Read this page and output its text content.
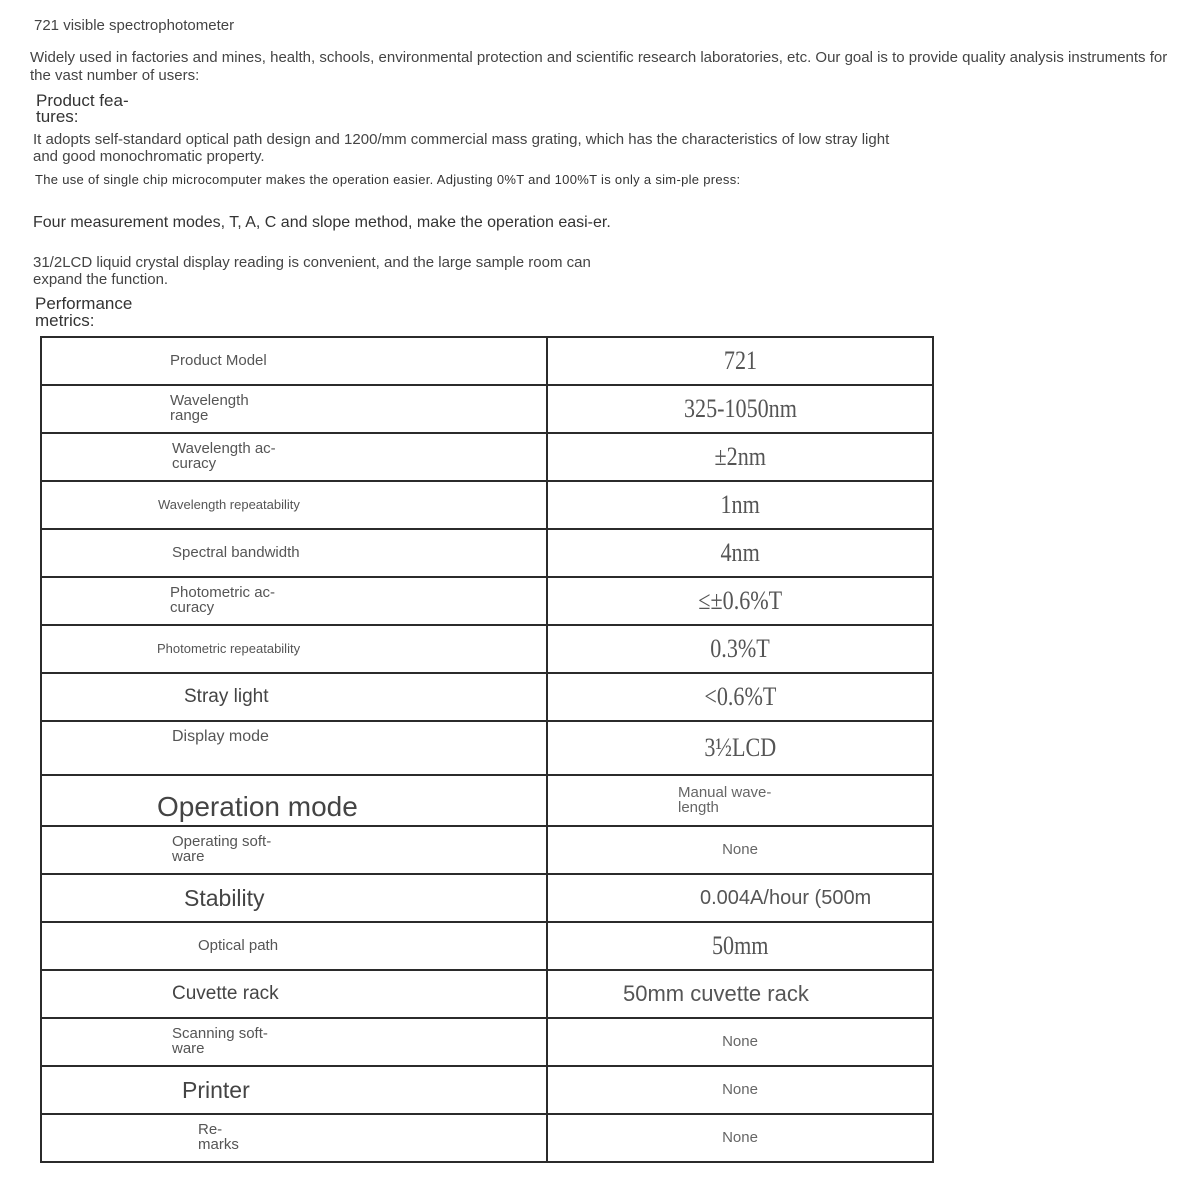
721 visible spectrophotometer

Widely used in factories and mines, health, schools, environmental protection and scientific research laboratories, etc. Our goal is to provide quality analysis instruments for the vast number of users:

Product fea-tures:

It adopts self-standard optical path design and 1200/mm commercial mass grating, which has the characteristics of low stray light and good monochromatic property.

The use of single chip microcomputer makes the operation easier. Adjusting 0%T and 100%T is only a sim-ple press:

Four measurement modes, T, A, C and slope method, make the operation easi-er.

31/2LCD liquid crystal display reading is convenient, and the large sample room can expand the function.

Performance metrics:

Product Model	721
Wavelength range	325-1050nm
Wavelength ac-curacy	±2nm
Wavelength repeatability	1nm
Spectral bandwidth	4nm
Photometric ac-curacy	≤±0.6%T
Photometric repeatability	0.3%T
Stray light	<0.6%T
Display mode	3½LCD
Operation mode	Manual wave-length
Operating soft-ware	None
Stability	0.004A/hour (500m
Optical path	50mm
Cuvette rack	50mm cuvette rack
Scanning soft-ware	None
Printer	None
Re-marks	None
